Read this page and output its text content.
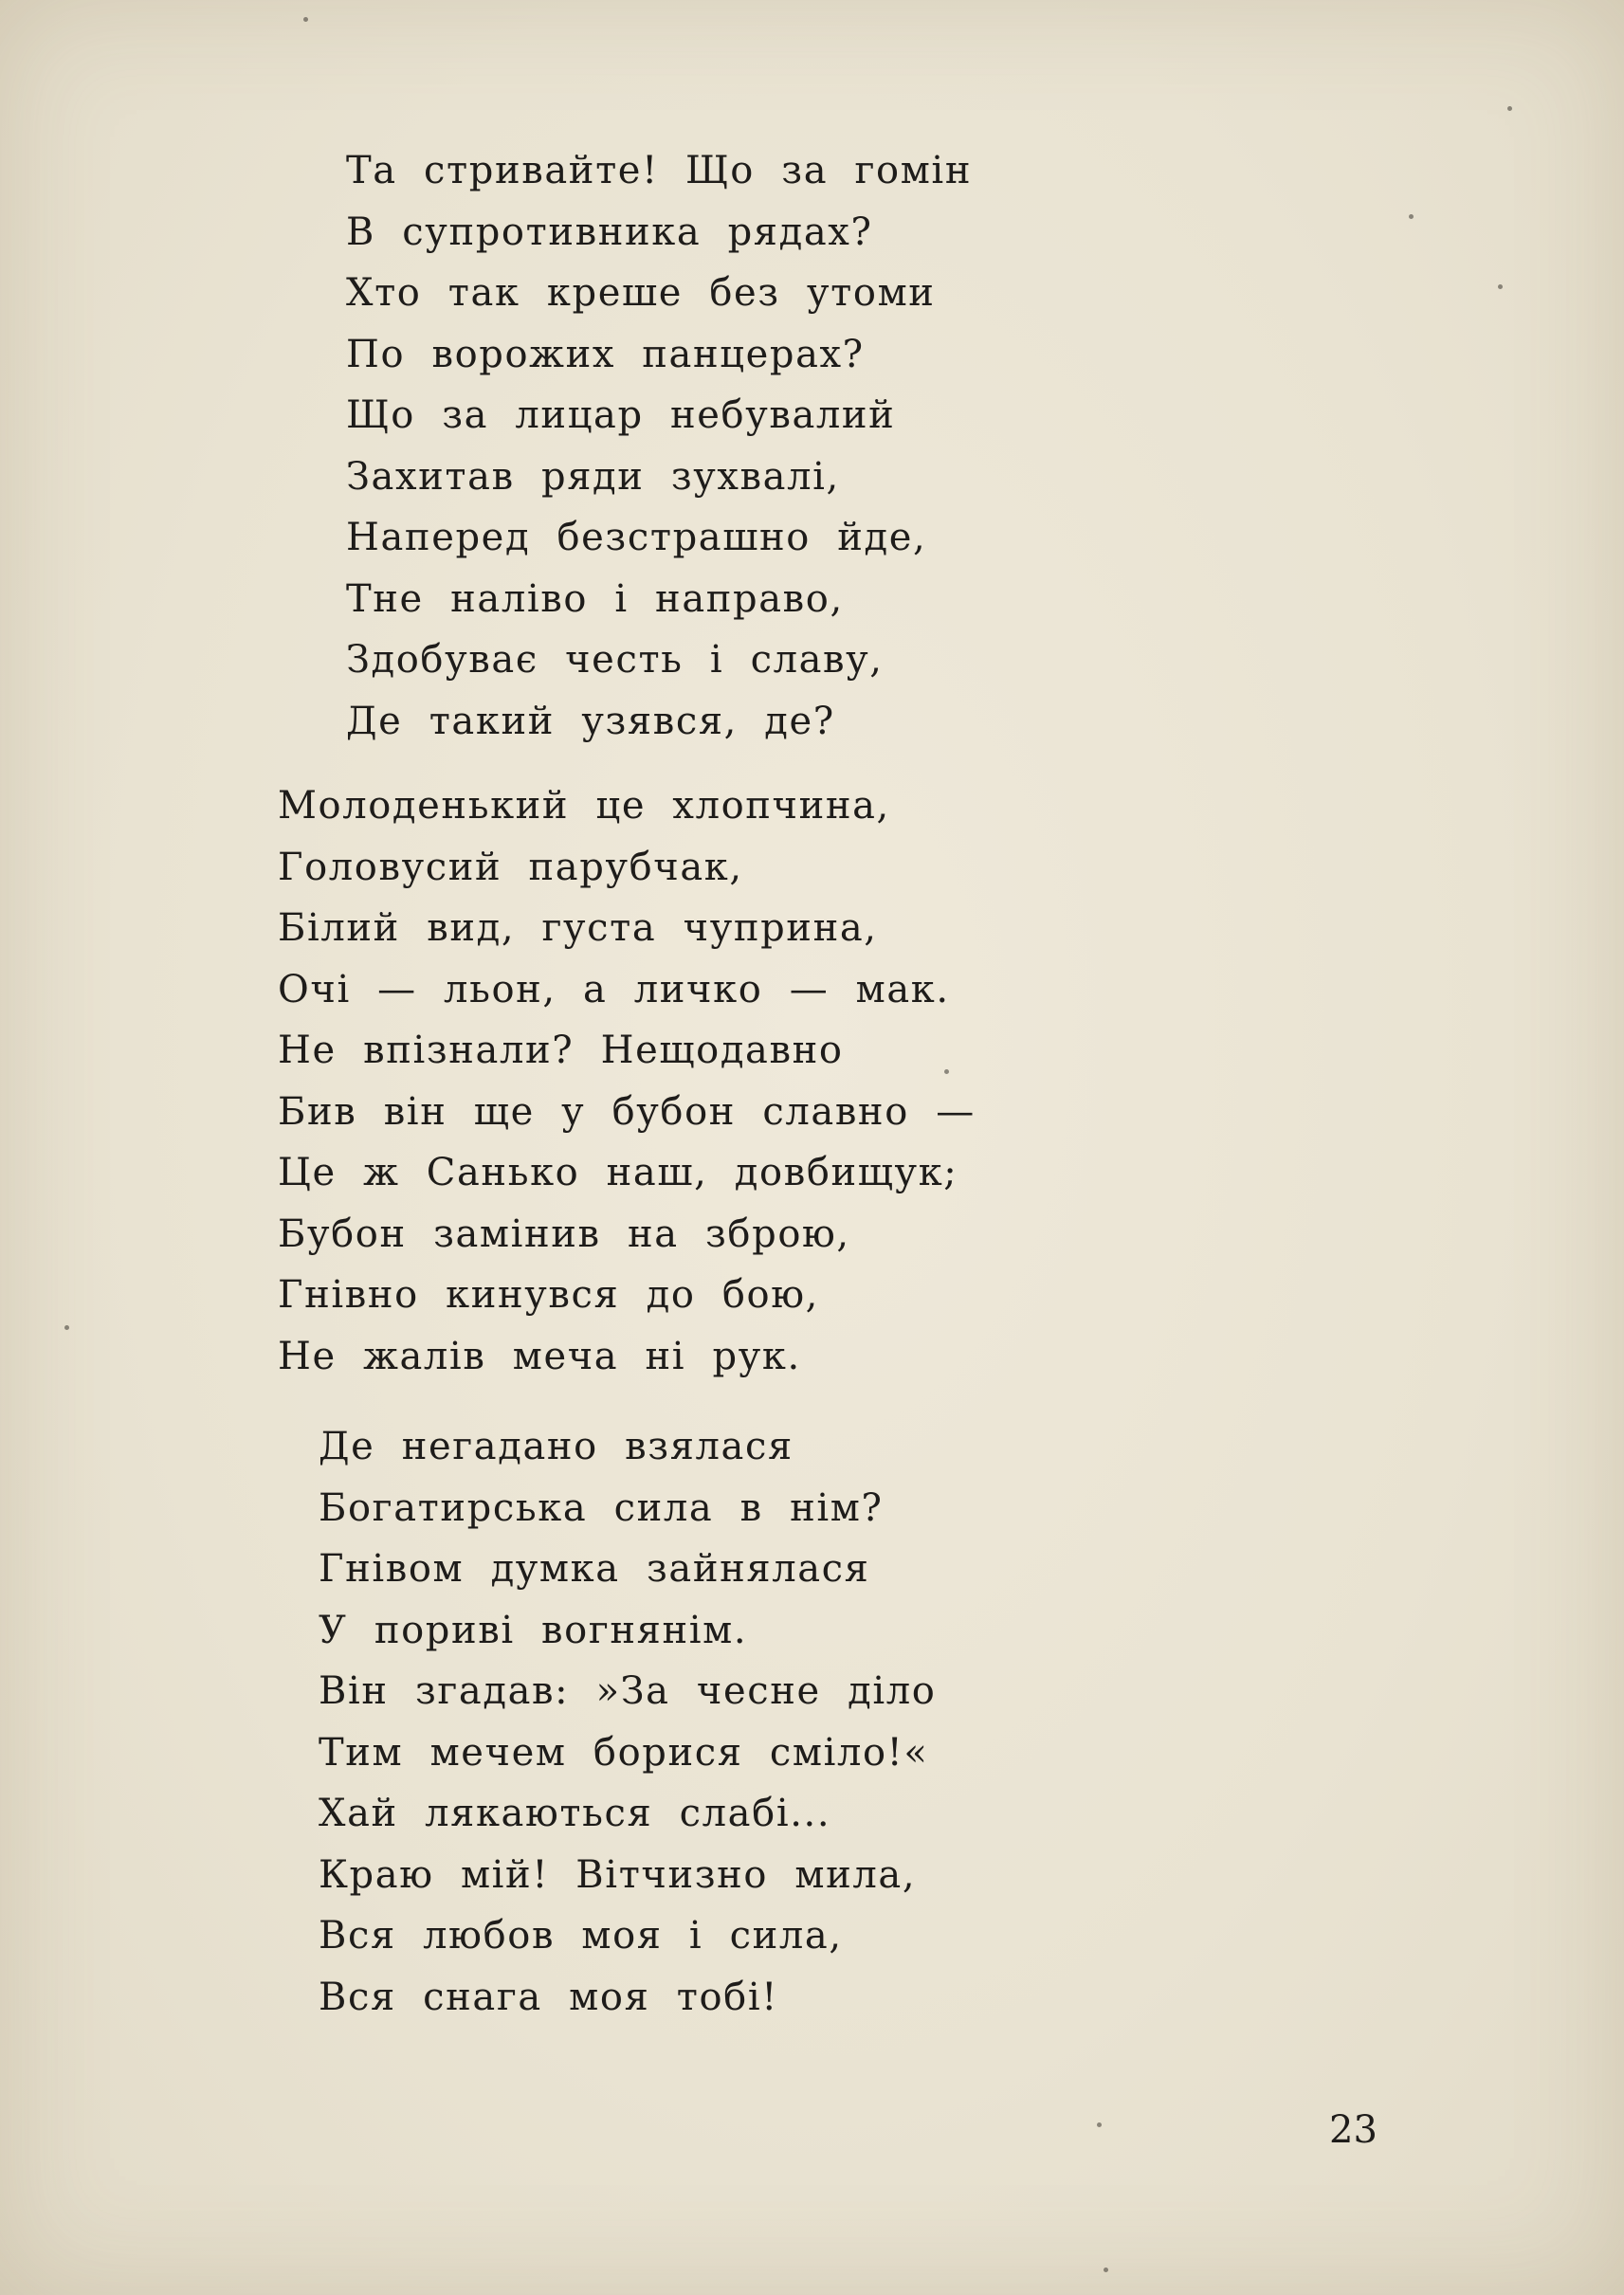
Та стривайте! Що за гомін
В супротивника рядах?
Хто так креше без утоми
По ворожих панцерах?
Що за лицар небувалий
Захитав ряди зухвалі,
Наперед безстрашно йде,
Тне наліво і направо,
Здобуває честь і славу,
Де такий узявся, де?
Молоденький це хлопчина,
Головусий парубчак,
Білий вид, густа чуприна,
Очі — льон, а личко — мак.
Не впізнали? Нещодавно
Бив він ще у бубон славно —
Це ж Санько наш, довбищук;
Бубон замінив на зброю,
Гнівно кинувся до бою,
Не жалів меча ні рук.
Де негадано взялася
Богатирська сила в нім?
Гнівом думка зайнялася
У пориві вогнянім.
Він згадав: »За чесне діло
Тим мечем борися сміло!«
Хай лякаються слабі...
Краю мій! Вітчизно мила,
Вся любов моя і сила,
Вся снага моя тобі!
23
